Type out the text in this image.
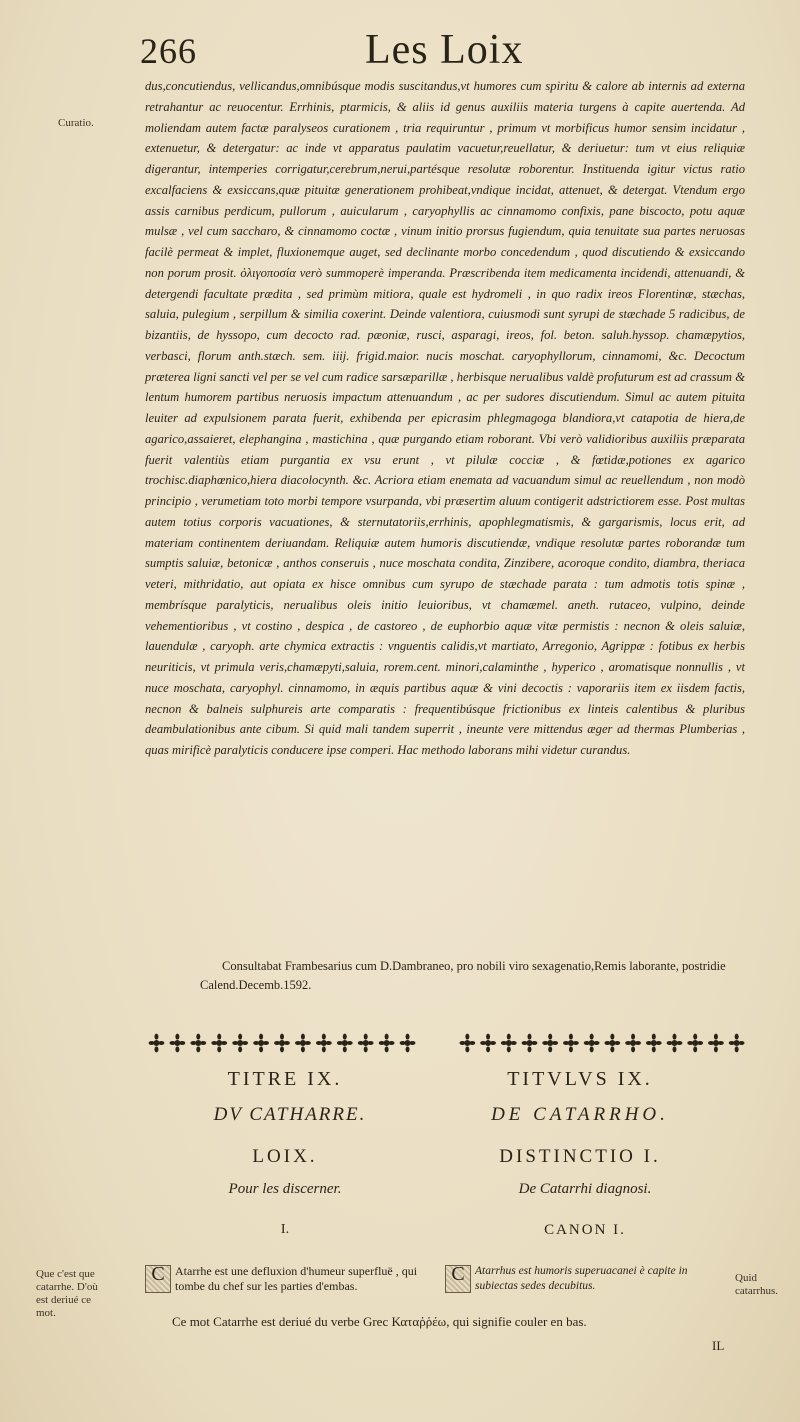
266	Les Loix
Curatio.

dus,concutiendus, vellicandus,omnibúsque modis suscitandus,vt humores cum spiritu & calore ab internis ad externa retrahantur ac reuocentur. Errhinis, ptarmicis, & aliis id genus auxiliis materia turgens à capite auertenda. Ad moliendam autem factæ paralyseos curationem , tria requiruntur , primum vt morbificus humor sensim incidatur , extenuetur, & detergatur: ac inde vt apparatus paulatim vacuetur,reuellatur, & deriuetur: tum vt eius reliquiæ digerantur, intemperies corrigatur,cerebrum,nerui,partésque resolutæ roborentur. Instituenda igitur victus ratio excalfaciens & exsiccans,quæ pituitæ generationem prohibeat,vndique incidat, attenuet, & detergat. Vtendum ergo assis carnibus perdicum, pullorum , auicularum , caryophyllis ac cinnamomo confixis, pane biscocto, potu aquæ mulsæ , vel cum saccharo, & cinnamomo coctæ , vinum initio prorsus fugiendum, quia tenuitate sua partes neruosas facilè permeat & implet, fluxionemque auget, sed declinante morbo concedendum , quod discutiendo & exsiccando non porum prosit. ὀλιγοποσία verò summoperè imperanda. Præscribenda item medicamenta incidendi, attenuandi, & detergendi facultate prædita , sed primùm mitiora, quale est hydromeli , in quo radix ireos Florentinæ, stæchas, saluia, pulegium , serpillum & similia coxerint. Deinde valentiora, cuiusmodi sunt syrupi de stæchade 5 radicibus, de bizantiis, de hyssopo, cum decocto rad. pæoniæ, rusci, asparagi, ireos, fol. beton. saluh.hyssop. chamæpytios, verbasci, florum anth.stæch. sem. iiij. frigid.maior. nucis moschat. caryophyllorum, cinnamomi, &c. Decoctum præterea ligni sancti vel per se vel cum radice sarsæparillæ , herbisque nerualibus valdè profuturum est ad crassum & lentum humorem partibus neruosis impactum attenuandum , ac per sudores discutiendum. Simul ac autem pituita leuiter ad expulsionem parata fuerit, exhibenda per epicrasim phlegmagoga blandiora,vt catapotia de hiera,de agarico,assaieret, elephangina , mastichina , quæ purgando etiam roborant. Vbi verò validioribus auxiliis præparata fuerit valentiùs etiam purgantia ex vsu erunt , vt pilulæ cocciæ , & fœtidæ,potiones ex agarico trochisc.diaphœnico,hiera diacolocynth. &c. Acriora etiam enemata ad vacuandum simul ac reuellendum , non modò principio , verumetiam toto morbi tempore vsurpanda, vbi præsertim aluum contigerit adstrictiorem esse. Post multas autem totius corporis vacuationes, & sternutatoriis,errhinis, apophlegmatismis, & gargarismis, locus erit, ad materiam continentem deriuandam. Reliquiæ autem humoris discutiendæ, vndique resolutæ partes roborandæ tum sumptis saluiæ, betonicæ , anthos conseruis , nuce moschata condita, Zinzibere, acoroque condito, diambra, theriaca veteri, mithridatio, aut opiata ex hisce omnibus cum syrupo de stæchade parata : tum admotis totis spinæ , membrísque paralyticis, nerualibus oleis initio leuioribus, vt chamæmel. aneth. rutaceo, vulpino, deinde vehementioribus , vt costino , despica , de castoreo , de euphorbio aquæ vitæ permistis : necnon & oleis saluiæ, lauendulæ , caryoph. arte chymica extractis : vnguentis calidis,vt martiato, Arregonio, Agrippæ : fotibus ex herbis neuriticis, vt primula veris,chamæpyti,saluia, rorem.cent. minori,calaminthe , hyperico , aromatisque nonnullis , vt nuce moschata, caryophyl. cinnamomo, in æquis partibus aquæ & vini decoctis : vaporariis item ex iisdem factis, necnon & balneis sulphureis arte comparatis : frequentibúsque frictionibus ex linteis calentibus & pluribus deambulationibus ante cibum. Si quid mali tandem superrit , ineunte vere mittendus æger ad thermas Plumberias , quas mirificè paralyticis conducere ipse comperi. Hac methodo laborans mihi videtur curandus.

Consultabat Frambesarius cum D.Dambraneo, pro nobili viro sexagenatio,Remis laborante, postridie Calend.Decemb.1592.

TITRE IX.	TITVLVS IX.
DV CATHARRE.	DE CATARRHO.
LOIX.	DISTINCTIO I.
Pour les discerner.	De Catarrhi diagnosi.
I.	CANON I.
Que c'est que catarrhe. D'où est deriué ce mot.

C Atarrhe est une defluxion d'humeur superfluë , qui tombe du chef sur les parties d'embas.

C Atarrhus est humoris superuacanei è capite in subiectas sedes decubitus.

Quid catarrhus.

Ce mot Catarrhe est deriué du verbe Grec Καταῤῥέω, qui signifie couler en bas.

IL
